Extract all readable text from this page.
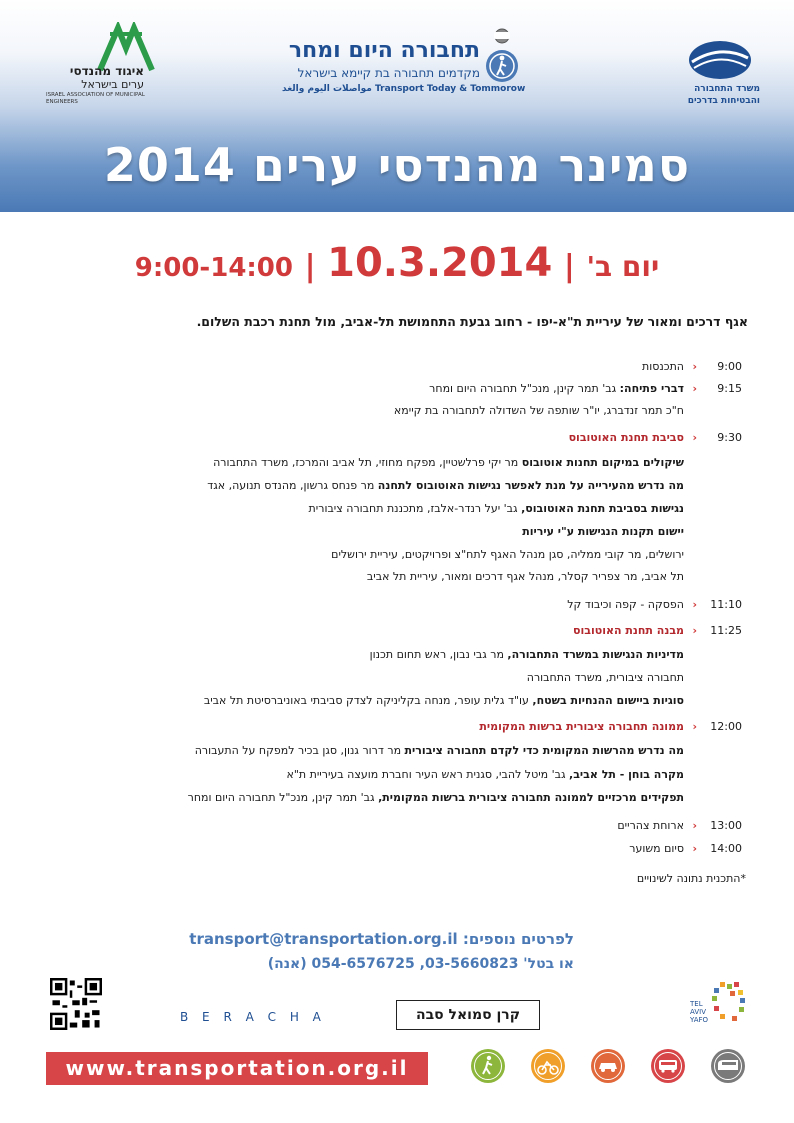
איגוד מהנדסי
ערים בישראל
ISRAEL ASSOCIATION OF MUNICIPAL ENGINEERS
תחבורה היום ומחר
מקדמים תחבורה בת קיימא בישראל
مواصلات اليوم والغد Transport Today & Tommorow	משרד התחבורה
והבטיחות בדרכים
סמינר מהנדסי ערים 2014
יום ב' | 10.3.2014 | 9:00-14:00
אגף דרכים ומאור של עיריית ת"א-יפו - רחוב גבעת התחמושת תל-אביב, מול תחנת רכבת השלום.
9:00
›
התכנסות
9:15
›
דברי פתיחה: גב' תמר קינן, מנכ"ל תחבורה היום ומחר
ח"כ תמר זנדברג, יו"ר שותפה של השדולה לתחבורה בת קיימא
9:30
›
סביבת תחנת האוטובוס
שיקולים במיקום תחנות אוטובוס מר יקי פרלשטיין, מפקח מחוזי, תל אביב והמרכז, משרד התחבורה
מה נדרש מהעירייה על מנת לאפשר נגישות האוטובוס לתחנה מר פנחס גרשון, מהנדס תנועה, אגד
נגישות בסביבת תחנת האוטובוס, גב' יעל רנדר-אלבז, מתכננת תחבורה ציבורית
יישום תקנות הנגישות ע"י עיריות
ירושלים, מר קובי ממליה, סגן מנהל האגף לתח"צ ופרויקטים, עיריית ירושלים
תל אביב, מר צפריר קסלר, מנהל אגף דרכים ומאור, עיריית תל אביב
11:10
›
הפסקה - קפה וכיבוד קל
11:25
›
מבנה תחנת האוטובוס
מדיניות הנגישות במשרד התחבורה, מר גבי נבון, ראש תחום תכנון
תחבורה ציבורית, משרד התחבורה
סוגיות ביישום ההנחיות בשטח, עו"ד גלית עופר, מנחה בקליניקה לצדק סביבתי באוניברסיטת תל אביב
12:00
›
ממונה תחבורה ציבורית ברשות המקומית
מה נדרש מהרשות המקומית כדי לקדם תחבורה ציבורית מר דרור גנון, סגן בכיר למפקח על התעבורה
מקרה בוחן - תל אביב, גב' מיטל להבי, סגנית ראש העיר וחברת מועצה בעיריית ת"א
תפקידים מרכזיים לממונה תחבורה ציבורית ברשות המקומית, גב' תמר קינן, מנכ"ל תחבורה היום ומחר
13:00
›
ארוחת צהריים
14:00
›
סיום משוער
*התכנית נתונה לשינויים
לפרטים נוספים: transport@transportation.org.il
או בטל' 03-5660823, 054-6576725 (אנה)
B E R A C H A	קרן סמואל סבה
TEL
AVIV
YAFO
www.transportation.org.il
